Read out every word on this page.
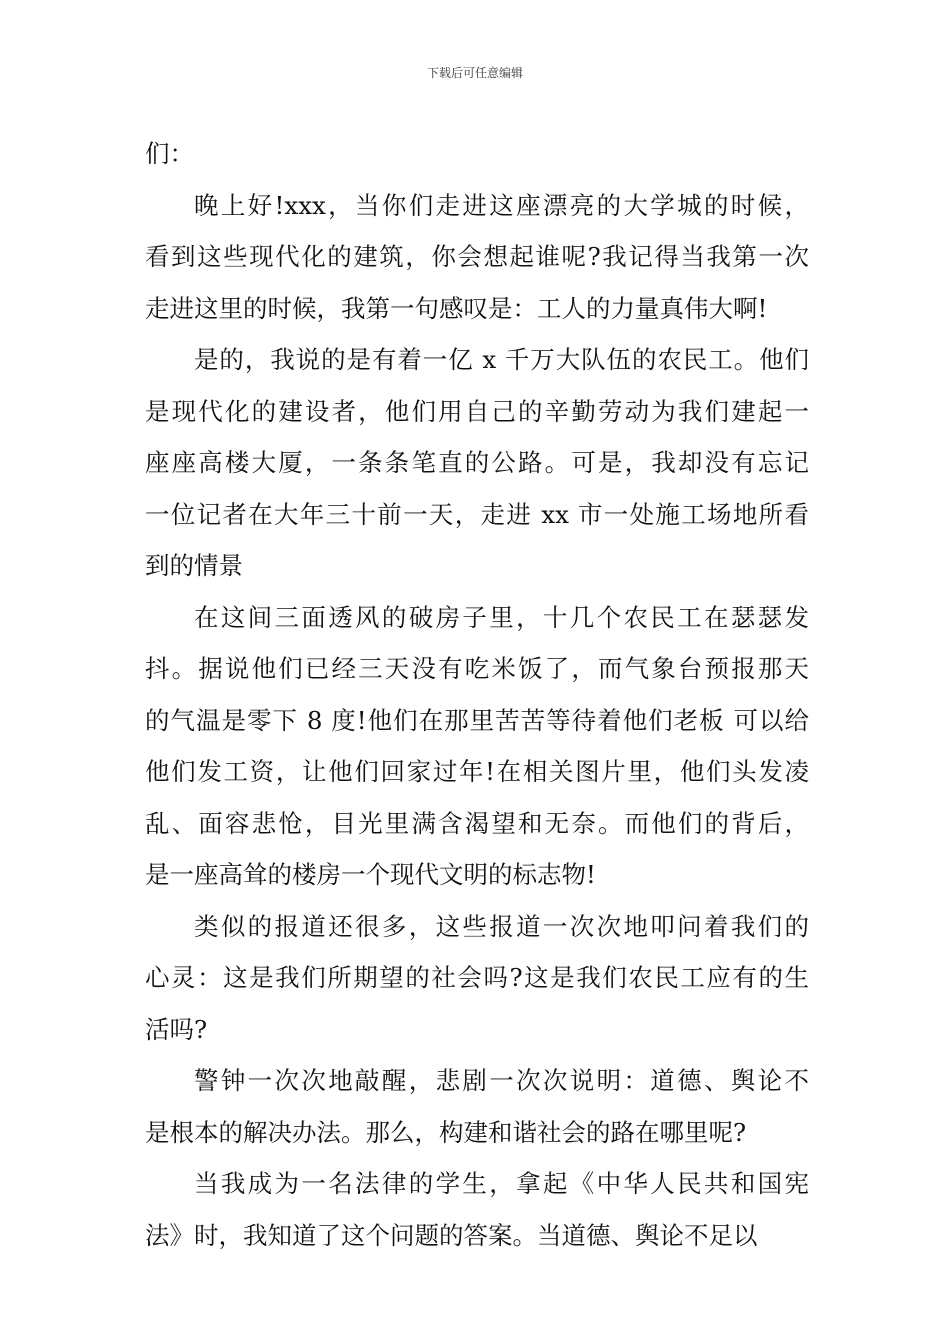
下载后可任意编辑
们：
晚上好!xxx，当你们走进这座漂亮的大学城的时候，
看到这些现代化的建筑，你会想起谁呢?我记得当我第一次
走进这里的时候，我第一句感叹是：工人的力量真伟大啊!
是的，我说的是有着一亿 x 千万大队伍的农民工。他们
是现代化的建设者，他们用自己的辛勤劳动为我们建起一
座座高楼大厦，一条条笔直的公路。可是，我却没有忘记
一位记者在大年三十前一天，走进 xx 市一处施工场地所看
到的情景
在这间三面透风的破房子里，十几个农民工在瑟瑟发
抖。据说他们已经三天没有吃米饭了，而气象台预报那天
的气温是零下 8 度!他们在那里苦苦等待着他们老板 可以给
他们发工资，让他们回家过年!在相关图片里，他们头发凌
乱、面容悲怆，目光里满含渴望和无奈。而他们的背后，
是一座高耸的楼房一个现代文明的标志物!
类似的报道还很多，这些报道一次次地叩问着我们的
心灵：这是我们所期望的社会吗?这是我们农民工应有的生
活吗?
警钟一次次地敲醒，悲剧一次次说明：道德、舆论不
是根本的解决办法。那么，构建和谐社会的路在哪里呢?
当我成为一名法律的学生，拿起《中华人民共和国宪
法》时，我知道了这个问题的答案。当道德、舆论不足以
